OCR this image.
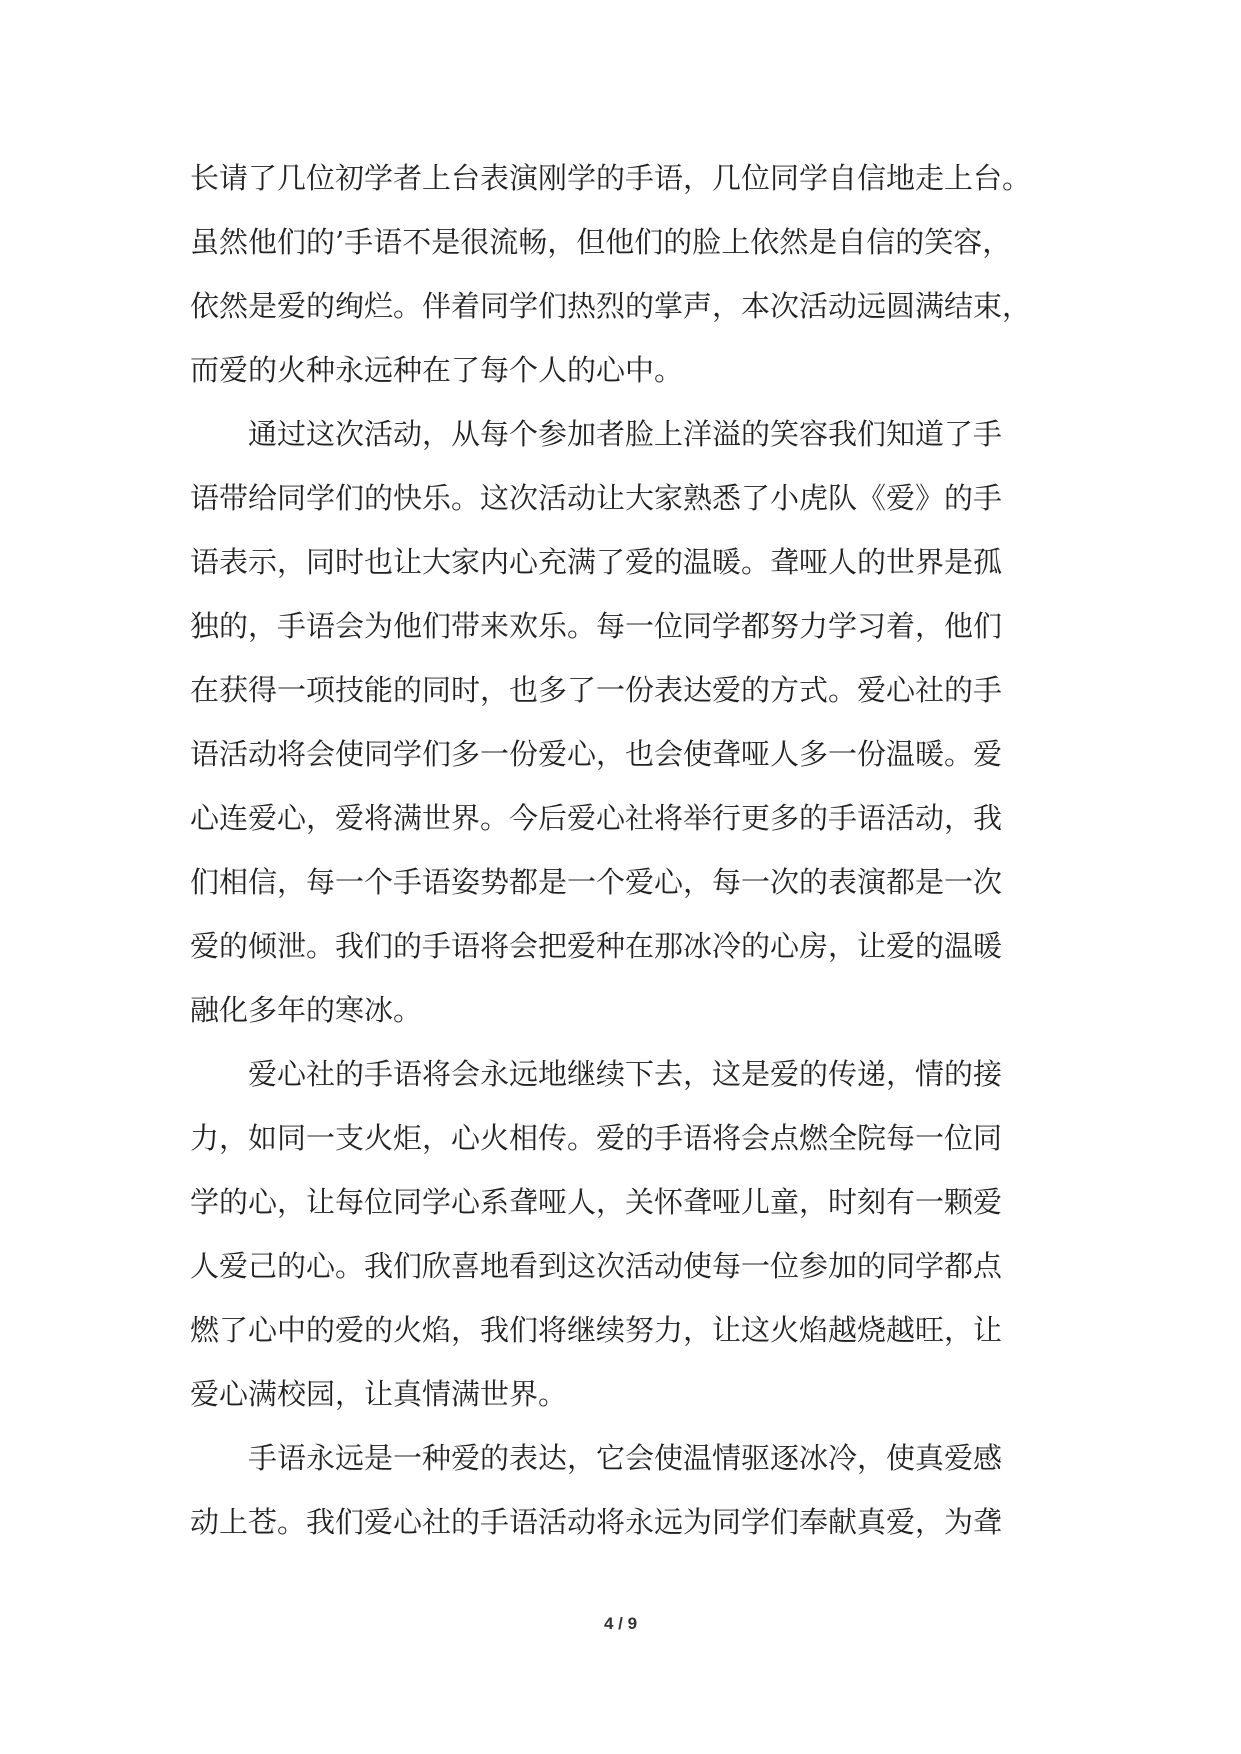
长请了几位初学者上台表演刚学的手语，几位同学自信地走上台。
虽然他们的’手语不是很流畅，但他们的脸上依然是自信的笑容，
依然是爱的绚烂。伴着同学们热烈的掌声，本次活动远圆满结束，
而爱的火种永远种在了每个人的心中。
通过这次活动，从每个参加者脸上洋溢的笑容我们知道了手
语带给同学们的快乐。这次活动让大家熟悉了小虎队《爱》的手
语表示，同时也让大家内心充满了爱的温暖。聋哑人的世界是孤
独的，手语会为他们带来欢乐。每一位同学都努力学习着，他们
在获得一项技能的同时，也多了一份表达爱的方式。爱心社的手
语活动将会使同学们多一份爱心，也会使聋哑人多一份温暖。爱
心连爱心，爱将满世界。今后爱心社将举行更多的手语活动，我
们相信，每一个手语姿势都是一个爱心，每一次的表演都是一次
爱的倾泄。我们的手语将会把爱种在那冰冷的心房，让爱的温暖
融化多年的寒冰。
爱心社的手语将会永远地继续下去，这是爱的传递，情的接
力，如同一支火炬，心火相传。爱的手语将会点燃全院每一位同
学的心，让每位同学心系聋哑人，关怀聋哑儿童，时刻有一颗爱
人爱己的心。我们欣喜地看到这次活动使每一位参加的同学都点
燃了心中的爱的火焰，我们将继续努力，让这火焰越烧越旺，让
爱心满校园，让真情满世界。
手语永远是一种爱的表达，它会使温情驱逐冰冷，使真爱感
动上苍。我们爱心社的手语活动将永远为同学们奉献真爱，为聋
4 / 9
